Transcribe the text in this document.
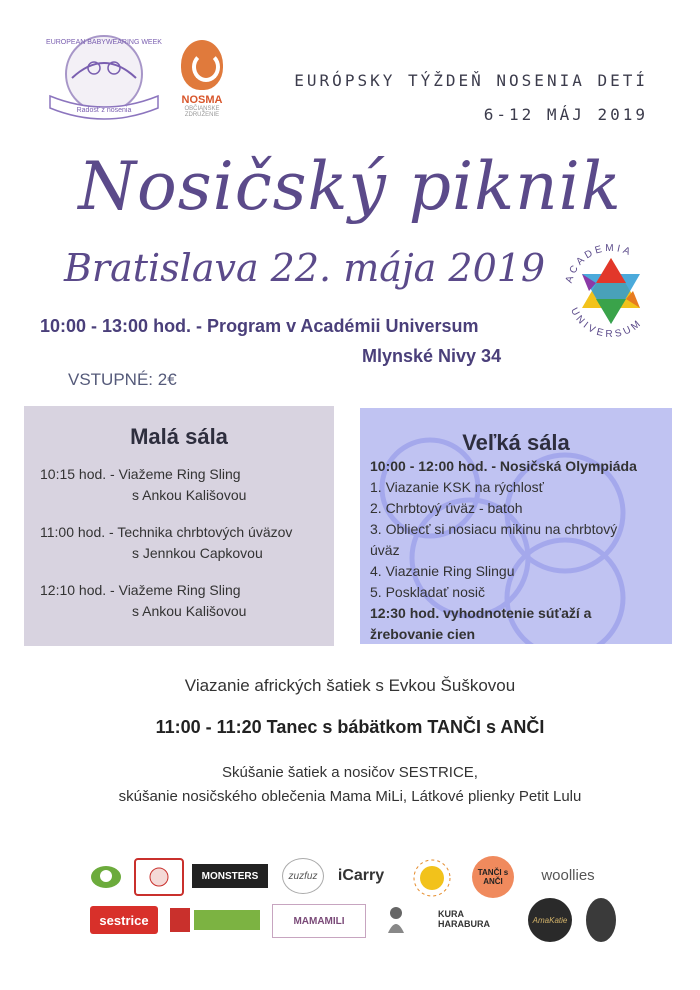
EUROPEAN BABYWEARING WEEK
Radosť z nosenia
NOSMA
OBČIANSKE ZDRUŽENIE
EURÓPSKY TÝŽDEŇ NOSENIA DETÍ
6-12 MÁJ 2019
Nosičský piknik
Bratislava 22. mája 2019 ACADEMIA
UNIVERSUM
10:00 - 13:00 hod. - Program v Académii Universum
Mlynské Nivy 34
VSTUPNÉ: 2€
Malá sála
10:15 hod. - Viažeme Ring Sling
s Ankou Kališovou
11:00 hod. - Technika chrbtových úväzov
s Jennkou Capkovou
12:10 hod. - Viažeme Ring Sling
s Ankou Kališovou
Veľká sála
10:00 - 12:00 hod. - Nosičská Olympiáda
1. Viazanie KSK na rýchlosť
2. Chrbtový úväz - batoh
3. Obliecť si nosiacu mikinu na chrbtový
úväz
4. Viazanie Ring Slingu
5. Poskladať nosič
12:30 hod. vyhodnotenie súťaží a
žrebovanie cien
Viazanie afrických šatiek s Evkou Šuškovou
11:00 - 11:20 Tanec s bábätkom TANČI s ANČI
Skúšanie šatiek a nosičov SESTRICE,
skúšanie nosičského oblečenia Mama MiLi, Látkové plienky Petit Lulu
MONSTERS	zuzfuz	iCarry	TANČI s ANČI	woollies
sestrice	MAMAMILI
KURA HARABURA	AmaKatie
